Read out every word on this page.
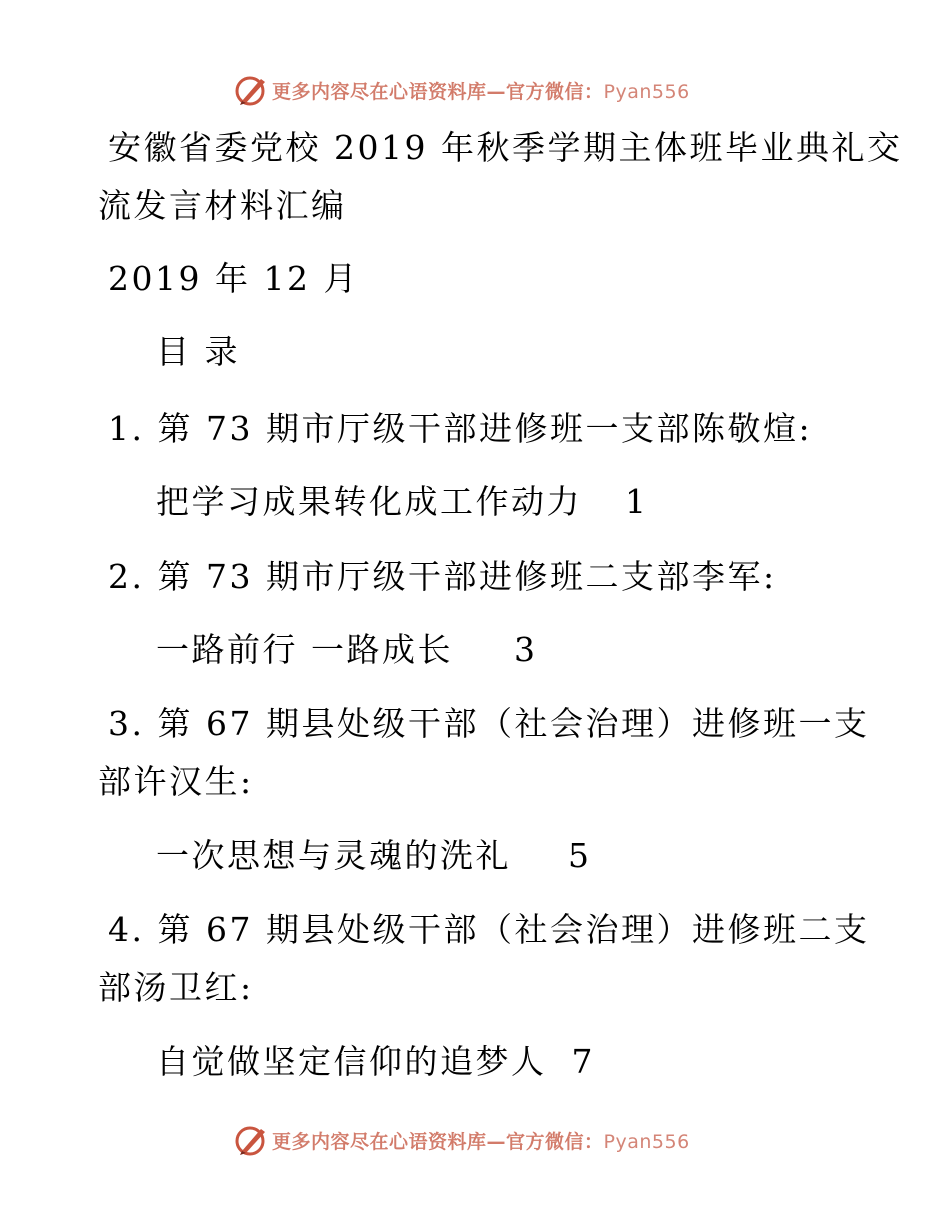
更多内容尽在心语资料库—官方微信：Pyan556
安徽省委党校 2019 年秋季学期主体班毕业典礼交
流发言材料汇编
2019 年 12 月
目 录
1. 第 73 期市厅级干部进修班一支部陈敬煊:
把学习成果转化成工作动力 1
2. 第 73 期市厅级干部进修班二支部李军:
一路前行 一路成长 3
3. 第 67 期县处级干部（社会治理）进修班一支
部许汉生:
一次思想与灵魂的洗礼 5
4. 第 67 期县处级干部（社会治理）进修班二支
部汤卫红:
自觉做坚定信仰的追梦人 7
更多内容尽在心语资料库—官方微信：Pyan556
